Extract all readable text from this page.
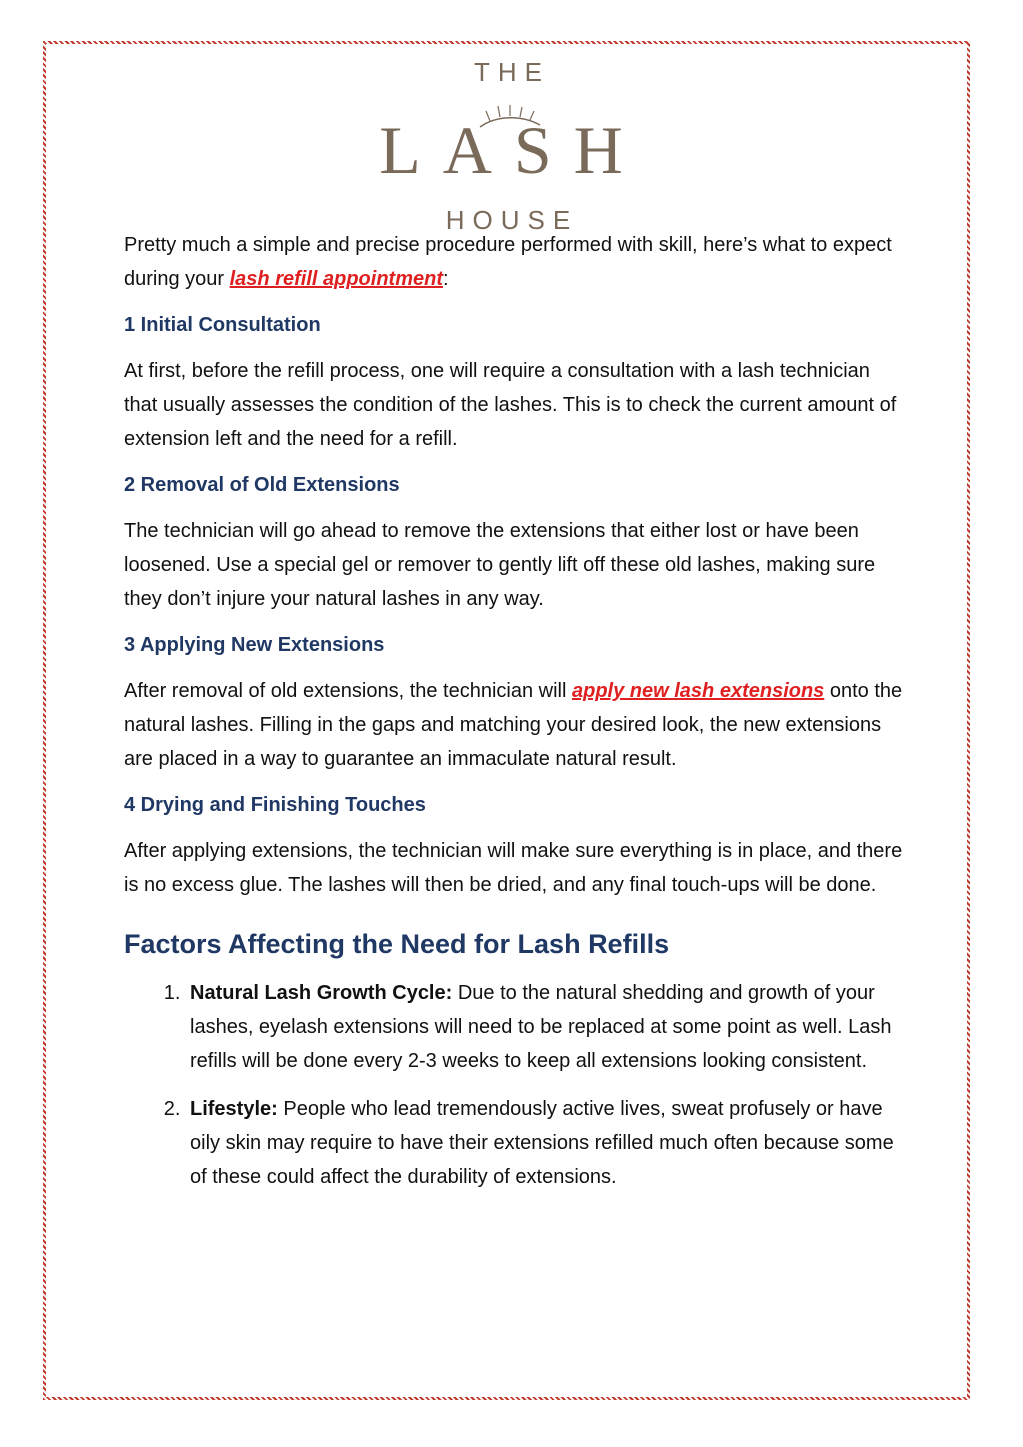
THE
LASH
HOUSE

Pretty much a simple and precise procedure performed with skill, here’s what to expect during your lash refill appointment:

1 Initial Consultation

At first, before the refill process, one will require a consultation with a lash technician that usually assesses the condition of the lashes. This is to check the current amount of extension left and the need for a refill.

2 Removal of Old Extensions

The technician will go ahead to remove the extensions that either lost or have been loosened. Use a special gel or remover to gently lift off these old lashes, making sure they don’t injure your natural lashes in any way.

3 Applying New Extensions

After removal of old extensions, the technician will apply new lash extensions onto the natural lashes. Filling in the gaps and matching your desired look, the new extensions are placed in a way to guarantee an immaculate natural result.

4 Drying and Finishing Touches

After applying extensions, the technician will make sure everything is in place, and there is no excess glue. The lashes will then be dried, and any final touch-ups will be done.

Factors Affecting the Need for Lash Refills
1. Natural Lash Growth Cycle: Due to the natural shedding and growth of your lashes, eyelash extensions will need to be replaced at some point as well. Lash refills will be done every 2-3 weeks to keep all extensions looking consistent.
2. Lifestyle: People who lead tremendously active lives, sweat profusely or have oily skin may require to have their extensions refilled much often because some of these could affect the durability of extensions.
